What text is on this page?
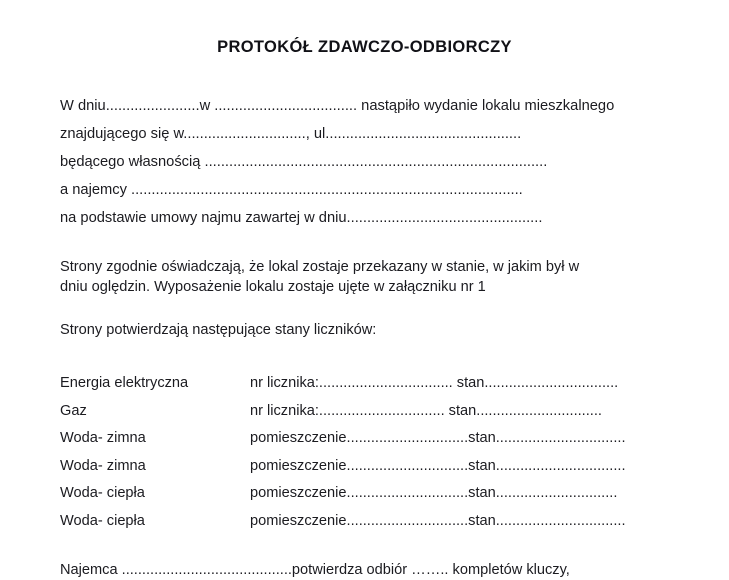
PROTOKÓŁ ZDAWCZO-ODBIORCZY
W dniu.......................w ................................... nastąpiło wydanie lokalu mieszkalnego
znajdującego się w.............................., ul................................................
będącego własnością ....................................................................................
a najemcy ................................................................................................
na podstawie umowy najmu zawartej w dniu................................................
Strony zgodnie oświadczają, że lokal zostaje przekazany w stanie, w jakim był w
dniu oględzin. Wyposażenie lokalu zostaje ujęte w załączniku nr 1
Strony potwierdzają następujące stany liczników:
Energia elektryczna	nr licznika:................................. stan.................................
Gaz	nr licznika:............................... stan...............................
Woda- zimna	pomieszczenie..............................stan................................
Woda- zimna	pomieszczenie..............................stan................................
Woda- ciepła	pomieszczenie..............................stan..............................
Woda- ciepła	pomieszczenie..............................stan................................
Najemca ..........................................potwierdza odbiór …….. kompletów kluczy,
